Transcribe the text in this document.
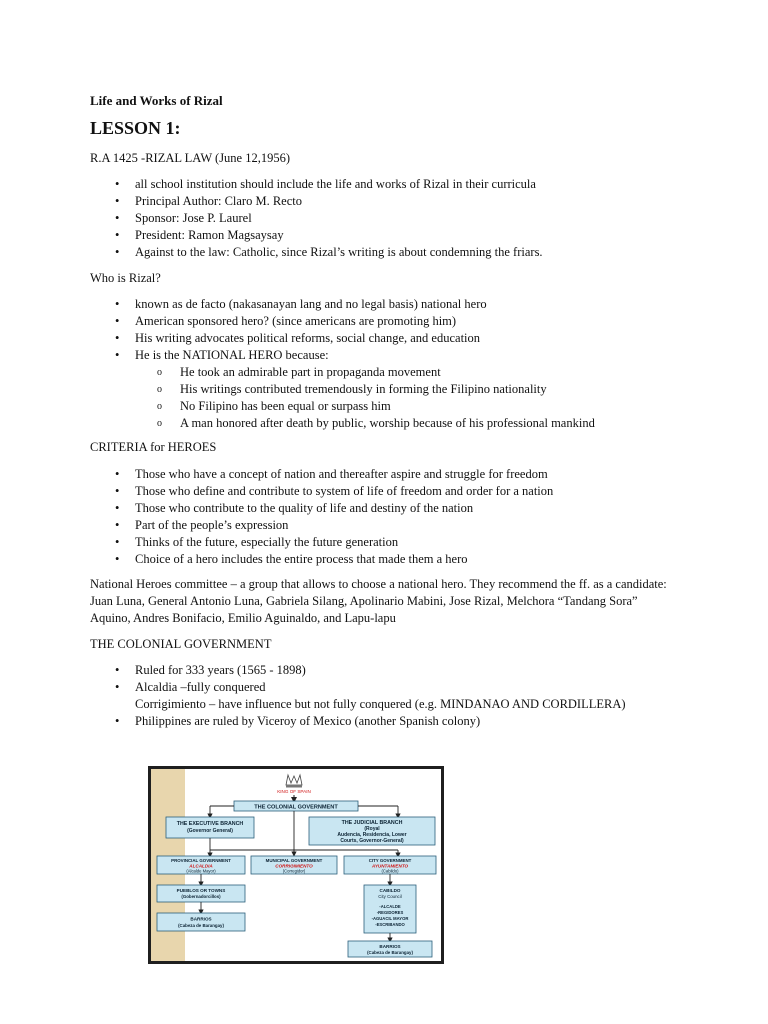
Life and Works of Rizal
LESSON 1:
R.A 1425 -RIZAL LAW (June 12,1956)
• all school institution should include the life and works of Rizal in their curricula
• Principal Author: Claro M. Recto
• Sponsor: Jose P. Laurel
• President: Ramon Magsaysay
• Against to the law: Catholic, since Rizal’s writing is about condemning the friars.
Who is Rizal?
• known as de facto (nakasanayan lang and no legal basis) national hero
• American sponsored hero? (since americans are promoting him)
• His writing advocates political reforms, social change, and education
• He is the NATIONAL HERO because:
o He took an admirable part in propaganda movement
o His writings contributed tremendously in forming the Filipino nationality
o No Filipino has been equal or surpass him
o A man honored after death by public, worship because of his professional mankind
CRITERIA for HEROES
• Those who have a concept of nation and thereafter aspire and struggle for freedom
• Those who define and contribute to system of life of freedom and order for a nation
• Those who contribute to the quality of life and destiny of the nation
• Part of the people’s expression
• Thinks of the future, especially the future generation
• Choice of a hero includes the entire process that made them a hero
National Heroes committee – a group that allows to choose a national hero. They recommend the ff. as a candidate:
Juan Luna, General Antonio Luna, Gabriela Silang, Apolinario Mabini, Jose Rizal, Melchora “Tandang Sora”
Aquino, Andres Bonifacio, Emilio Aguinaldo, and Lapu-lapu
THE COLONIAL GOVERNMENT
• Ruled for 333 years (1565 - 1898)
• Alcaldia –fully conquered
Corrigimiento – have influence but not fully conquered (e.g. MINDANAO AND CORDILLERA)
• Philippines are ruled by Viceroy of Mexico (another Spanish colony)
KING OF SPAIN
THE COLONIAL GOVERNMENT
THE EXECUTIVE BRANCH
(Governor General)
THE JUDICIAL BRANCH
(Royal
Audencia, Residencia, Lower
Courts, Governor-General)
PROVINCIAL GOVERNMENT
ALCALDIA
(Alcalde Mayor)
MUNICIPAL GOVERNMENT
CORRIGIMIENTO
(Corregidor)
CITY GOVERNMENT
AYUNTAMIENTO
(Cabildo)
PUEBLOS OR TOWNS
(Gobernadorcillos)
BARRIOS
(Cabeza de Barangay)
CABILDO
City Council
-ALCALDE
-REGIDORES
-AGUACIL MAYOR
-ESCRIBANDO
BARRIOS
(Cabeza de Barangay)
